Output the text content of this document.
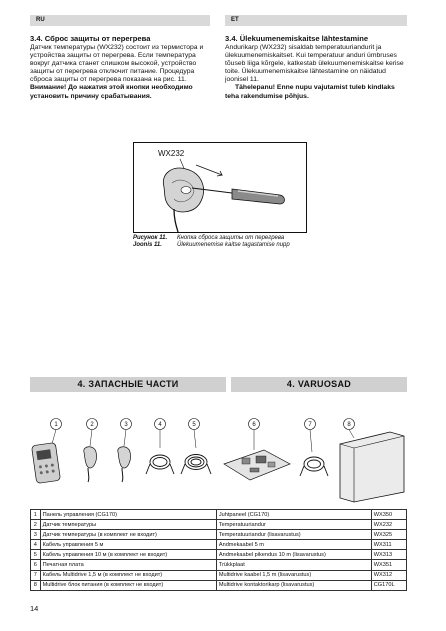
RU	ET
3.4. Сброс защиты от перегрева

Датчик температуры (WX232) состоит из термистора и устройства защиты от перегрева. Если температура вокруг датчика станет слишком высокой, устройство защиты от перегрева отключит питание. Процедура сброса защиты от перегрева показана на рис. 11.

Внимание! До нажатия этой кнопки необходимо установить причину срабатывания.

3.4. Ülekuumenemiskaitse lähtestamine

Andurikarp (WX232) sisaldab temperatuuriandurit ja ülekuumenemiskaitset. Kui temperatuur anduri ümbruses tõuseb liiga kõrgele, katkestab ülekuumenemiskaitse kerise toite. Ülekuumenemiskaitse lähtestamine on näidatud joonisel 11.

Tähelepanu! Enne nupu vajutamist tuleb kindlaks teha rakendumise põhjus.

WX232
Рисунок 11. Кнопка сброса защиты от перегрева
Joonis 11.	Ülekuumenemise kaitse tagastamise nupp
4. ЗАПАСНЫЕ ЧАСТИ	4. VARUOSAD
1	2	3	4	5	6	7	8
1	Панель управления (CG170)	Juhtpaneel (CG170)	WX350
2	Датчик температуры	Temperatuuriandur	WX232
3	Датчик температуры (в комплект не входит)	Temperatuuriandur (lisavarustus)	WX325
4	Кабель управления 5 м	Andmekaabel 5 m	WX311
5	Кабель управления 10 м (в комплект не входит)	Andmekaabel pikendus 10 m (lisavarustus)	WX313
6	Печатная плата	Trükkplaat	WX351
7	Кабель Multidrive 1,5 м (в комплект не входит)	Multidrive kaabel 1,5 m (lisavarustus)	WX312
8	Multidrive блок питания (в комплект не входит)	Multidrive kontaktorikarp (lisavarustus)	CG170L
14
